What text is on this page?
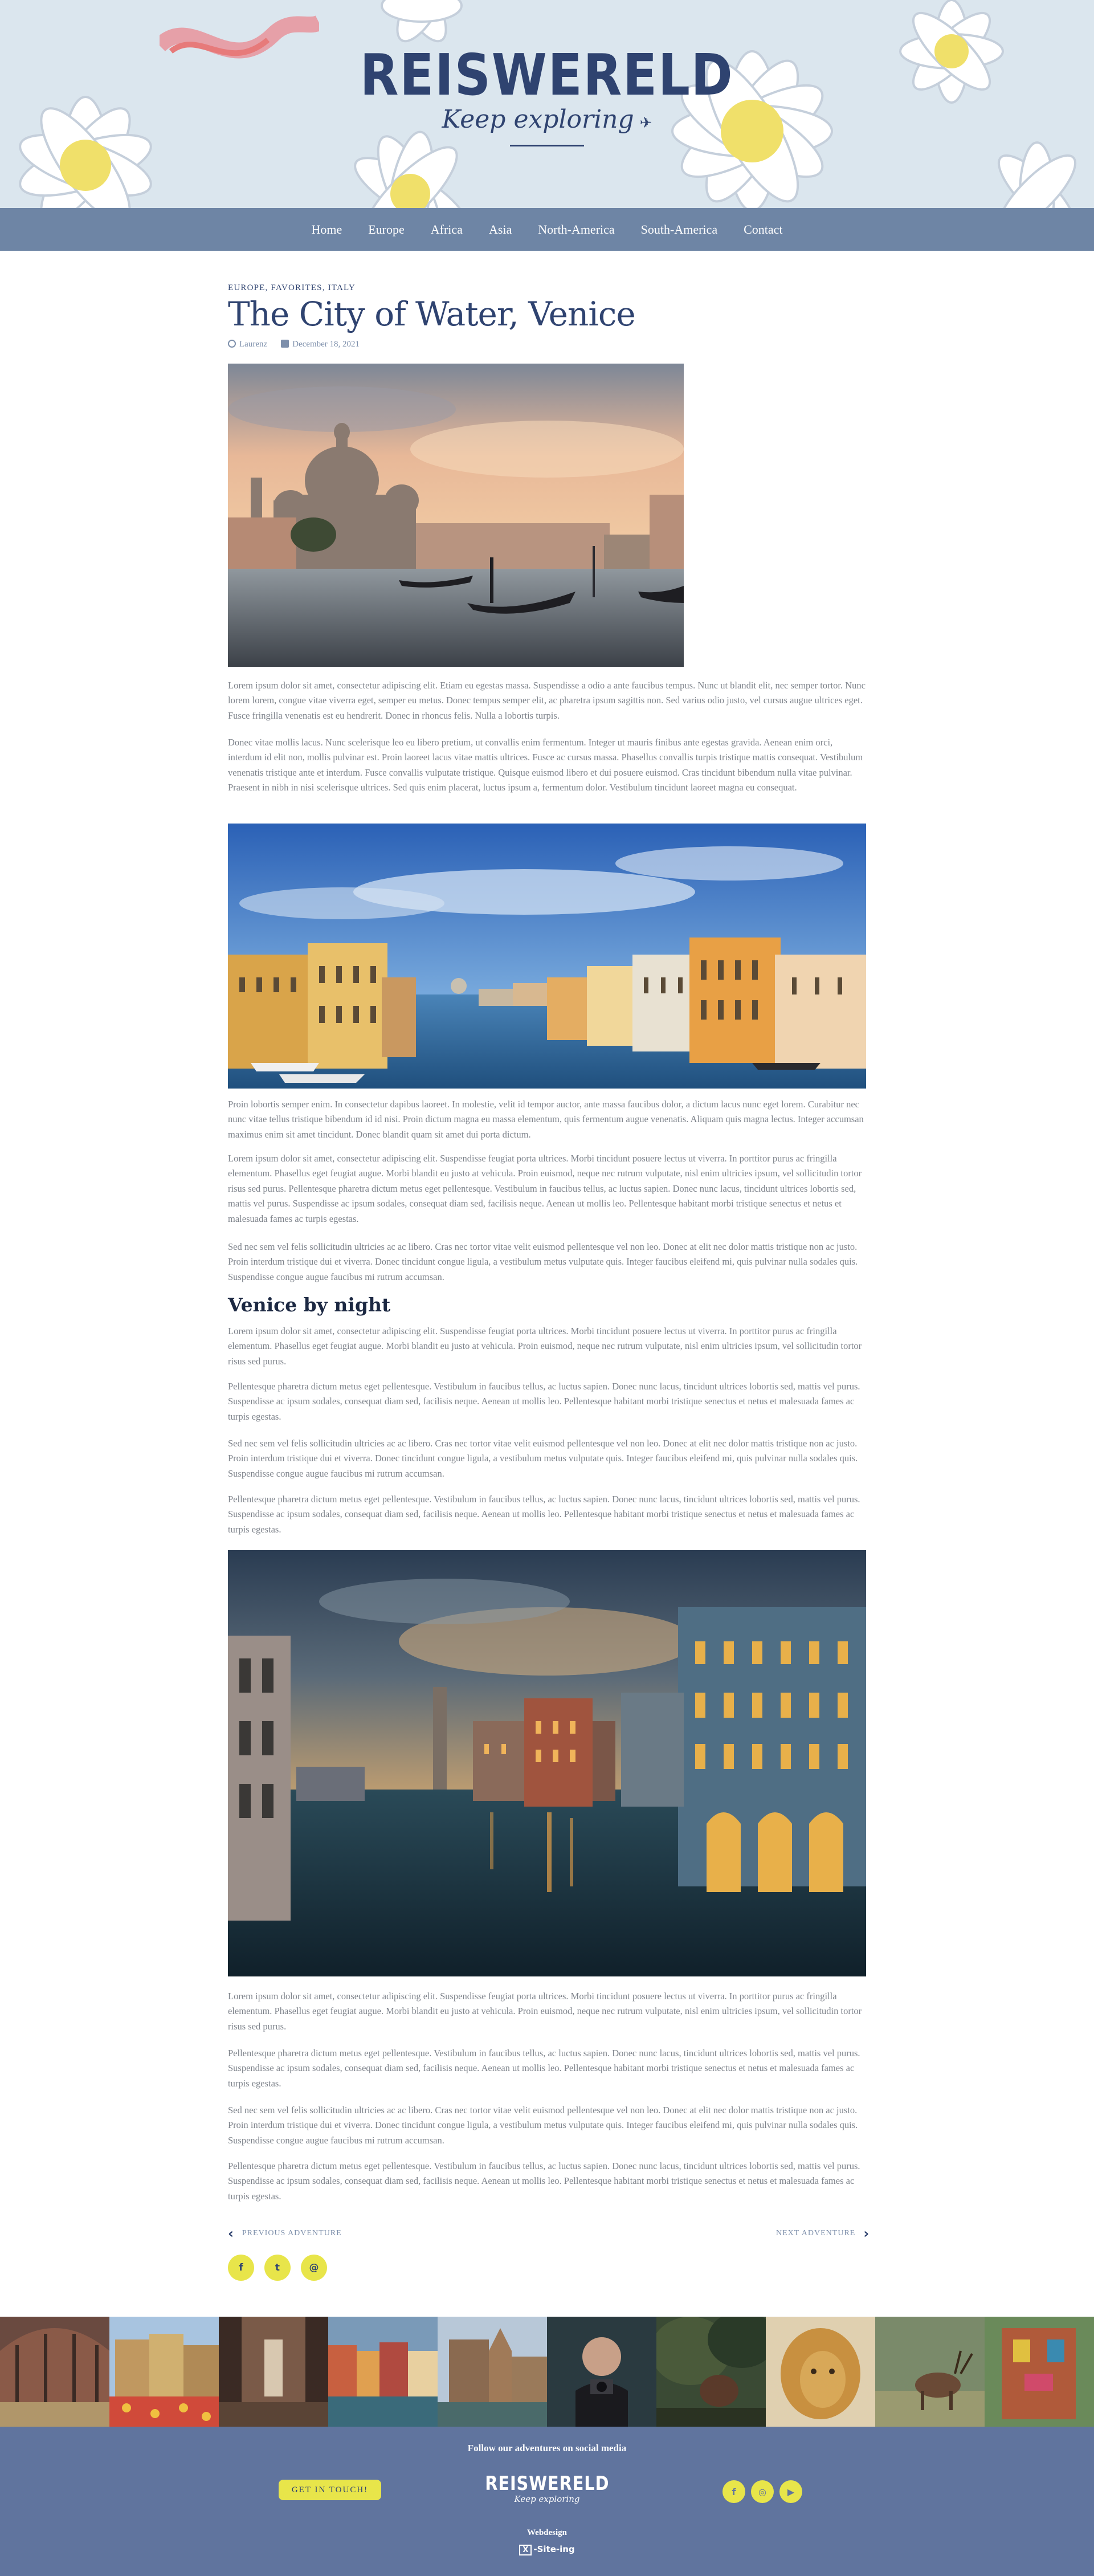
REISWERELD
Keep exploring ✈
Home	Europe	Africa	Asia	North-America	South-America	Contact
EUROPE, FAVORITES, ITALY
The City of Water, Venice
Laurenz	December 18, 2021
Lorem ipsum dolor sit amet, consectetur adipiscing elit. Etiam eu egestas massa. Suspendisse a odio a ante faucibus tempus. Nunc ut blandit elit, nec semper tortor. Nunc lorem lorem, congue vitae viverra eget, semper eu metus. Donec tempus semper elit, ac pharetra ipsum sagittis non. Sed varius odio justo, vel cursus augue ultrices eget. Fusce fringilla venenatis est eu hendrerit. Donec in rhoncus felis. Nulla a lobortis turpis.
Donec vitae mollis lacus. Nunc scelerisque leo eu libero pretium, ut convallis enim fermentum. Integer ut mauris finibus ante egestas gravida. Aenean enim orci, interdum id elit non, mollis pulvinar est. Proin laoreet lacus vitae mattis ultrices. Fusce ac cursus massa. Phasellus convallis turpis tristique mattis consequat. Vestibulum venenatis tristique ante et interdum. Fusce convallis vulputate tristique. Quisque euismod libero et dui posuere euismod. Cras tincidunt bibendum nulla vitae pulvinar. Praesent in nibh in nisi scelerisque ultrices. Sed quis enim placerat, luctus ipsum a, fermentum dolor. Vestibulum tincidunt laoreet magna eu consequat.
Proin lobortis semper enim. In consectetur dapibus laoreet. In molestie, velit id tempor auctor, ante massa faucibus dolor, a dictum lacus nunc eget lorem. Curabitur nec nunc vitae tellus tristique bibendum id id nisi. Proin dictum magna eu massa elementum, quis fermentum augue venenatis. Aliquam quis magna lectus. Integer accumsan maximus enim sit amet tincidunt. Donec blandit quam sit amet dui porta dictum.
Lorem ipsum dolor sit amet, consectetur adipiscing elit. Suspendisse feugiat porta ultrices. Morbi tincidunt posuere lectus ut viverra. In porttitor purus ac fringilla elementum. Phasellus eget feugiat augue. Morbi blandit eu justo at vehicula. Proin euismod, neque nec rutrum vulputate, nisl enim ultricies ipsum, vel sollicitudin tortor risus sed purus. Pellentesque pharetra dictum metus eget pellentesque. Vestibulum in faucibus tellus, ac luctus sapien. Donec nunc lacus, tincidunt ultrices lobortis sed, mattis vel purus. Suspendisse ac ipsum sodales, consequat diam sed, facilisis neque. Aenean ut mollis leo. Pellentesque habitant morbi tristique senectus et netus et malesuada fames ac turpis egestas.
Sed nec sem vel felis sollicitudin ultricies ac ac libero. Cras nec tortor vitae velit euismod pellentesque vel non leo. Donec at elit nec dolor mattis tristique non ac justo. Proin interdum tristique dui et viverra. Donec tincidunt congue ligula, a vestibulum metus vulputate quis. Integer faucibus eleifend mi, quis pulvinar nulla sodales quis. Suspendisse congue augue faucibus mi rutrum accumsan.
Venice by night
Lorem ipsum dolor sit amet, consectetur adipiscing elit. Suspendisse feugiat porta ultrices. Morbi tincidunt posuere lectus ut viverra. In porttitor purus ac fringilla elementum. Phasellus eget feugiat augue. Morbi blandit eu justo at vehicula. Proin euismod, neque nec rutrum vulputate, nisl enim ultricies ipsum, vel sollicitudin tortor risus sed purus.
Pellentesque pharetra dictum metus eget pellentesque. Vestibulum in faucibus tellus, ac luctus sapien. Donec nunc lacus, tincidunt ultrices lobortis sed, mattis vel purus. Suspendisse ac ipsum sodales, consequat diam sed, facilisis neque. Aenean ut mollis leo. Pellentesque habitant morbi tristique senectus et netus et malesuada fames ac turpis egestas.
Sed nec sem vel felis sollicitudin ultricies ac ac libero. Cras nec tortor vitae velit euismod pellentesque vel non leo. Donec at elit nec dolor mattis tristique non ac justo. Proin interdum tristique dui et viverra. Donec tincidunt congue ligula, a vestibulum metus vulputate quis. Integer faucibus eleifend mi, quis pulvinar nulla sodales quis. Suspendisse congue augue faucibus mi rutrum accumsan.
Pellentesque pharetra dictum metus eget pellentesque. Vestibulum in faucibus tellus, ac luctus sapien. Donec nunc lacus, tincidunt ultrices lobortis sed, mattis vel purus. Suspendisse ac ipsum sodales, consequat diam sed, facilisis neque. Aenean ut mollis leo. Pellentesque habitant morbi tristique senectus et netus et malesuada fames ac turpis egestas.
Lorem ipsum dolor sit amet, consectetur adipiscing elit. Suspendisse feugiat porta ultrices. Morbi tincidunt posuere lectus ut viverra. In porttitor purus ac fringilla elementum. Phasellus eget feugiat augue. Morbi blandit eu justo at vehicula. Proin euismod, neque nec rutrum vulputate, nisl enim ultricies ipsum, vel sollicitudin tortor risus sed purus.
Pellentesque pharetra dictum metus eget pellentesque. Vestibulum in faucibus tellus, ac luctus sapien. Donec nunc lacus, tincidunt ultrices lobortis sed, mattis vel purus. Suspendisse ac ipsum sodales, consequat diam sed, facilisis neque. Aenean ut mollis leo. Pellentesque habitant morbi tristique senectus et netus et malesuada fames ac turpis egestas.
Sed nec sem vel felis sollicitudin ultricies ac ac libero. Cras nec tortor vitae velit euismod pellentesque vel non leo. Donec at elit nec dolor mattis tristique non ac justo. Proin interdum tristique dui et viverra. Donec tincidunt congue ligula, a vestibulum metus vulputate quis. Integer faucibus eleifend mi, quis pulvinar nulla sodales quis. Suspendisse congue augue faucibus mi rutrum accumsan.
Pellentesque pharetra dictum metus eget pellentesque. Vestibulum in faucibus tellus, ac luctus sapien. Donec nunc lacus, tincidunt ultrices lobortis sed, mattis vel purus. Suspendisse ac ipsum sodales, consequat diam sed, facilisis neque. Aenean ut mollis leo. Pellentesque habitant morbi tristique senectus et netus et malesuada fames ac turpis egestas.
‹ PREVIOUS ADVENTURE	NEXT ADVENTURE ›
f	t	@
Follow our adventures on social media
GET IN TOUCH!	REISWERELD
Keep exploring
f	◎	▶
Webdesign
X -Site-ing
